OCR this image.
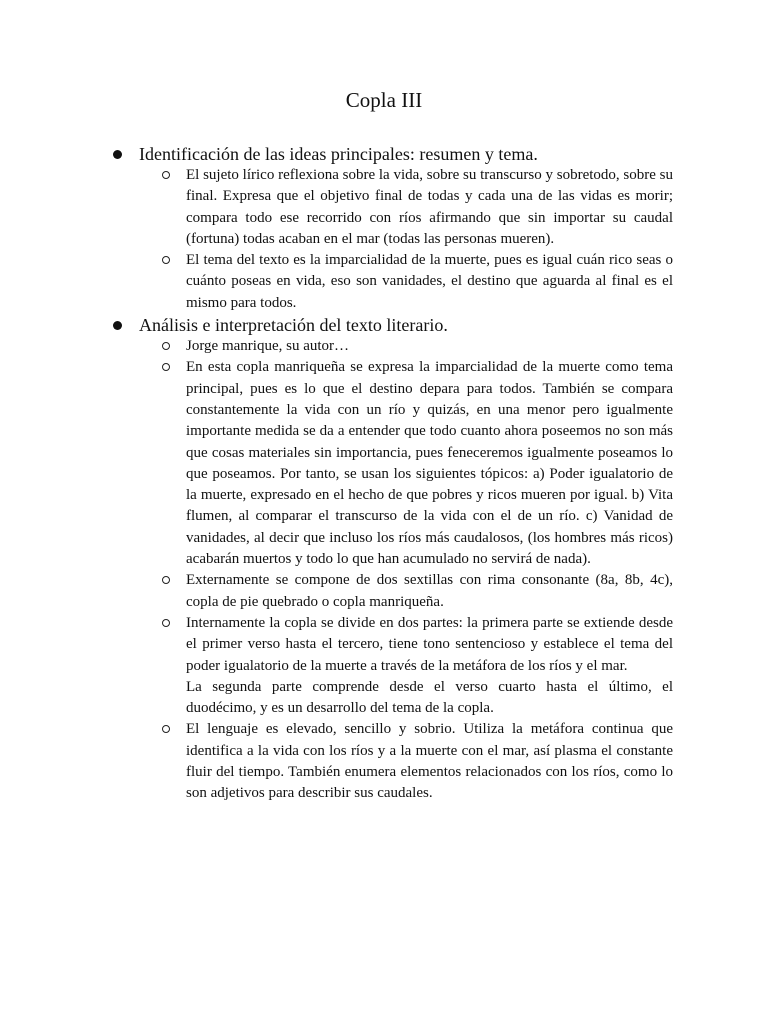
Copla III
Identificación de las ideas principales: resumen y tema.
El sujeto lírico reflexiona sobre la vida, sobre su transcurso y sobretodo, sobre su final. Expresa que el objetivo final de todas y cada una de las vidas es morir; compara todo ese recorrido con ríos afirmando que sin importar su caudal (fortuna) todas acaban en el mar (todas las personas mueren).
El tema del texto es la imparcialidad de la muerte, pues es igual cuán rico seas o cuánto poseas en vida, eso son vanidades, el destino que aguarda al final es el mismo para todos.
Análisis e interpretación del texto literario.
Jorge manrique, su autor…
En esta copla manriqueña se expresa la imparcialidad de la muerte como tema principal, pues es lo que el destino depara para todos. También se compara constantemente la vida con un río y quizás, en una menor pero igualmente importante medida se da a entender que todo cuanto ahora poseemos no son más que cosas materiales sin importancia, pues feneceremos igualmente poseamos lo que poseamos. Por tanto, se usan los siguientes tópicos: a) Poder igualatorio de la muerte, expresado en el hecho de que pobres y ricos mueren por igual. b) Vita flumen, al comparar el transcurso de la vida con el de un río. c) Vanidad de vanidades, al decir que incluso los ríos más caudalosos, (los hombres más ricos) acabarán muertos y todo lo que han acumulado no servirá de nada).
Externamente se compone de dos sextillas con rima consonante (8a, 8b, 4c), copla de pie quebrado o copla manriqueña.
Internamente la copla se divide en dos partes: la primera parte se extiende desde el primer verso hasta el tercero, tiene tono sentencioso y establece el tema del poder igualatorio de la muerte a través de la metáfora de los ríos y el mar.
La segunda parte comprende desde el verso cuarto hasta el último, el duodécimo, y es un desarrollo del tema de la copla.
El lenguaje es elevado, sencillo y sobrio. Utiliza la metáfora continua que identifica a la vida con los ríos y a la muerte con el mar, así plasma el constante fluir del tiempo. También enumera elementos relacionados con los ríos, como lo son adjetivos para describir sus caudales.
